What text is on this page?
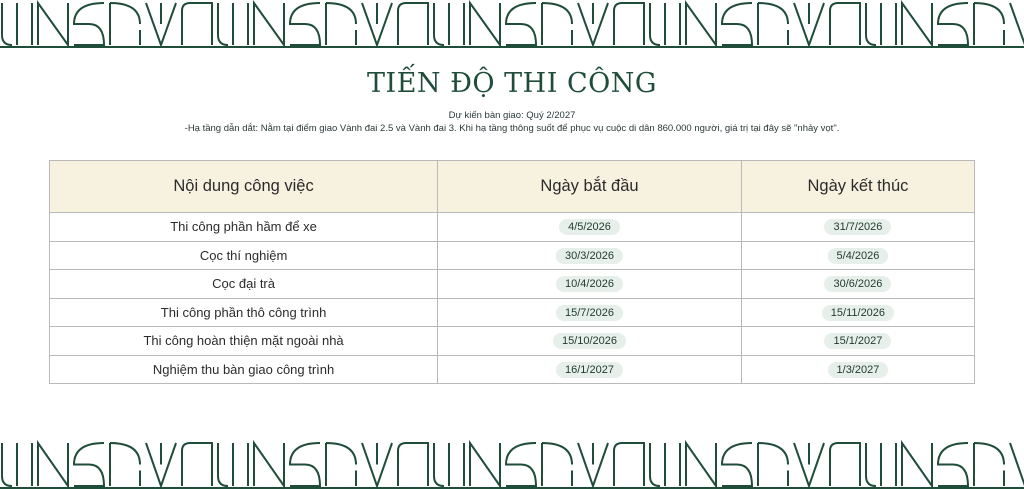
TIẾN ĐỘ THI CÔNG
Dự kiến bàn giao: Quý 2/2027
-Hạ tầng dẫn dắt: Nằm tại điểm giao Vành đai 2.5 và Vành đai 3. Khi hạ tầng thông suốt để phục vụ cuộc di dân 860.000 người, giá trị tại đây sẽ "nhảy vọt".
Nội dung công việc	Ngày bắt đầu	Ngày kết thúc
Thi công phần hầm để xe	4/5/2026	31/7/2026
Cọc thí nghiệm	30/3/2026	5/4/2026
Cọc đại trà	10/4/2026	30/6/2026
Thi công phần thô công trình	15/7/2026	15/11/2026
Thi công hoàn thiện mặt ngoài nhà	15/10/2026	15/1/2027
Nghiệm thu bàn giao công trình	16/1/2027	1/3/2027
